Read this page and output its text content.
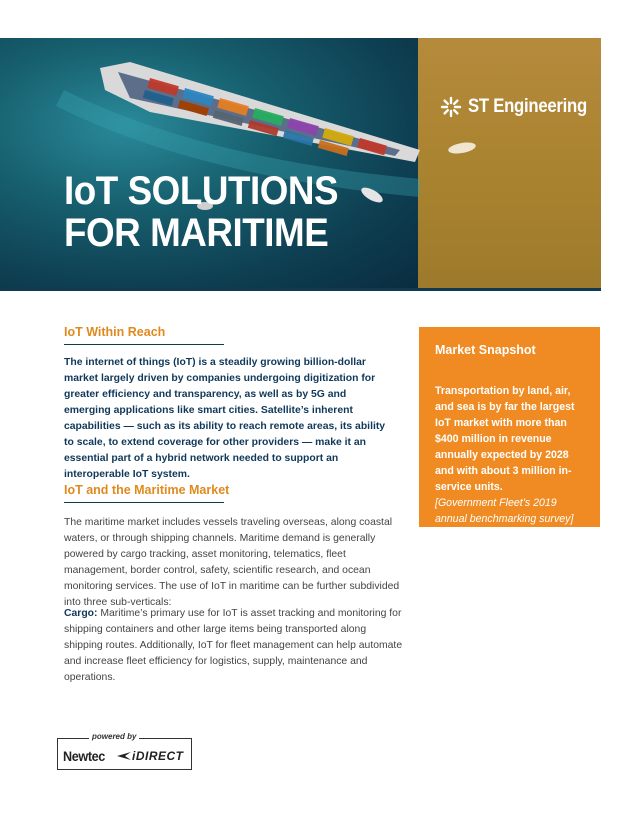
ST Engineering
IoT SOLUTIONS
FOR MARITIME
IoT Within Reach

The internet of things (IoT) is a steadily growing billion-dollar market largely driven by companies undergoing digitization for greater efficiency and transparency, as well as by 5G and emerging applications like smart cities. Satellite’s inherent capabilities — such as its ability to reach remote areas, its ability to scale, to extend coverage for other providers — make it an essential part of a hybrid network needed to support an interoperable IoT system.

IoT and the Maritime Market

The maritime market includes vessels traveling overseas, along coastal waters, or through shipping channels. Maritime demand is generally powered by cargo tracking, asset monitoring, telematics, fleet management, border control, safety, scientific research, and ocean monitoring services. The use of IoT in maritime can be further subdivided into three sub-verticals:

Cargo: Maritime’s primary use for IoT is asset tracking and monitoring for shipping containers and other large items being transported along shipping routes. Additionally, IoT for fleet management can help automate and increase fleet efficiency for logistics, supply, maintenance and operations.

Market Snapshot

Transportation by land, air, and sea is by far the largest IoT market with more than $400 million in revenue annually expected by 2028 and with about 3 million in-service units.
[Government Fleet’s 2019 annual benchmarking survey]

powered by
Newtec iDIRECT
